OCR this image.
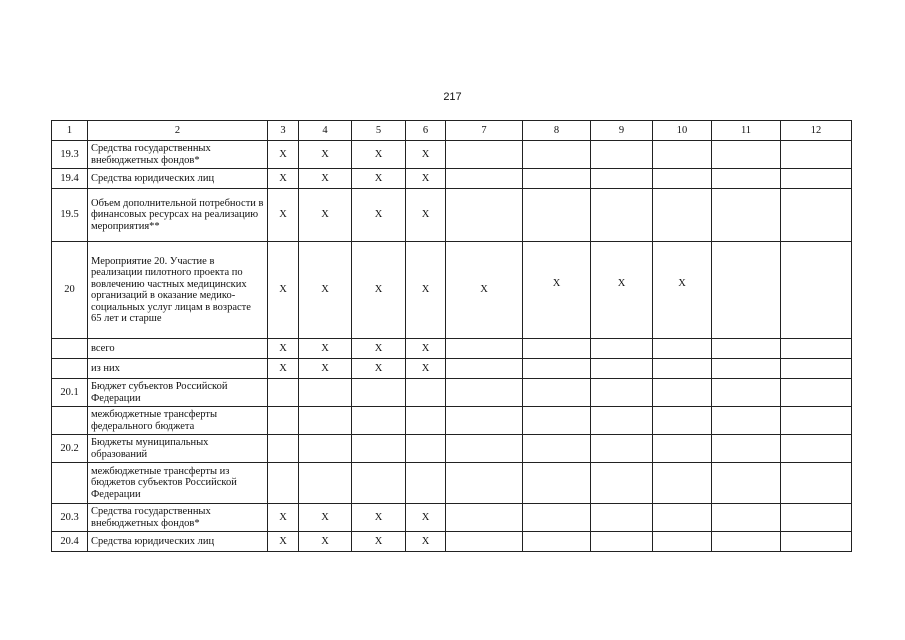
217
1	2	3	4	5	6	7	8	9	10	11	12
19.3	Средства государственных внебюджетных фондов*	X	X	X	X						
19.4	Средства юридических лиц	X	X	X	X						
19.5	Объем дополнительной потребности в финансовых ресурсах на реализацию мероприятия**	X	X	X	X						
20	Мероприятие 20. Участие в реализации пилотного проекта по вовлечению частных медицинских организаций в оказание медико-социальных услуг лицам в возрасте 65 лет и старше	X	X	X	X	X	X	X	X		
	всего	X	X	X	X						
	из них	X	X	X	X						
20.1	Бюджет субъектов Российской Федерации										
	межбюджетные трансферты федерального бюджета										
20.2	Бюджеты муниципальных образований										
	межбюджетные трансферты из бюджетов субъектов Российской Федерации										
20.3	Средства государственных внебюджетных фондов*	X	X	X	X						
20.4	Средства юридических лиц	X	X	X	X						
